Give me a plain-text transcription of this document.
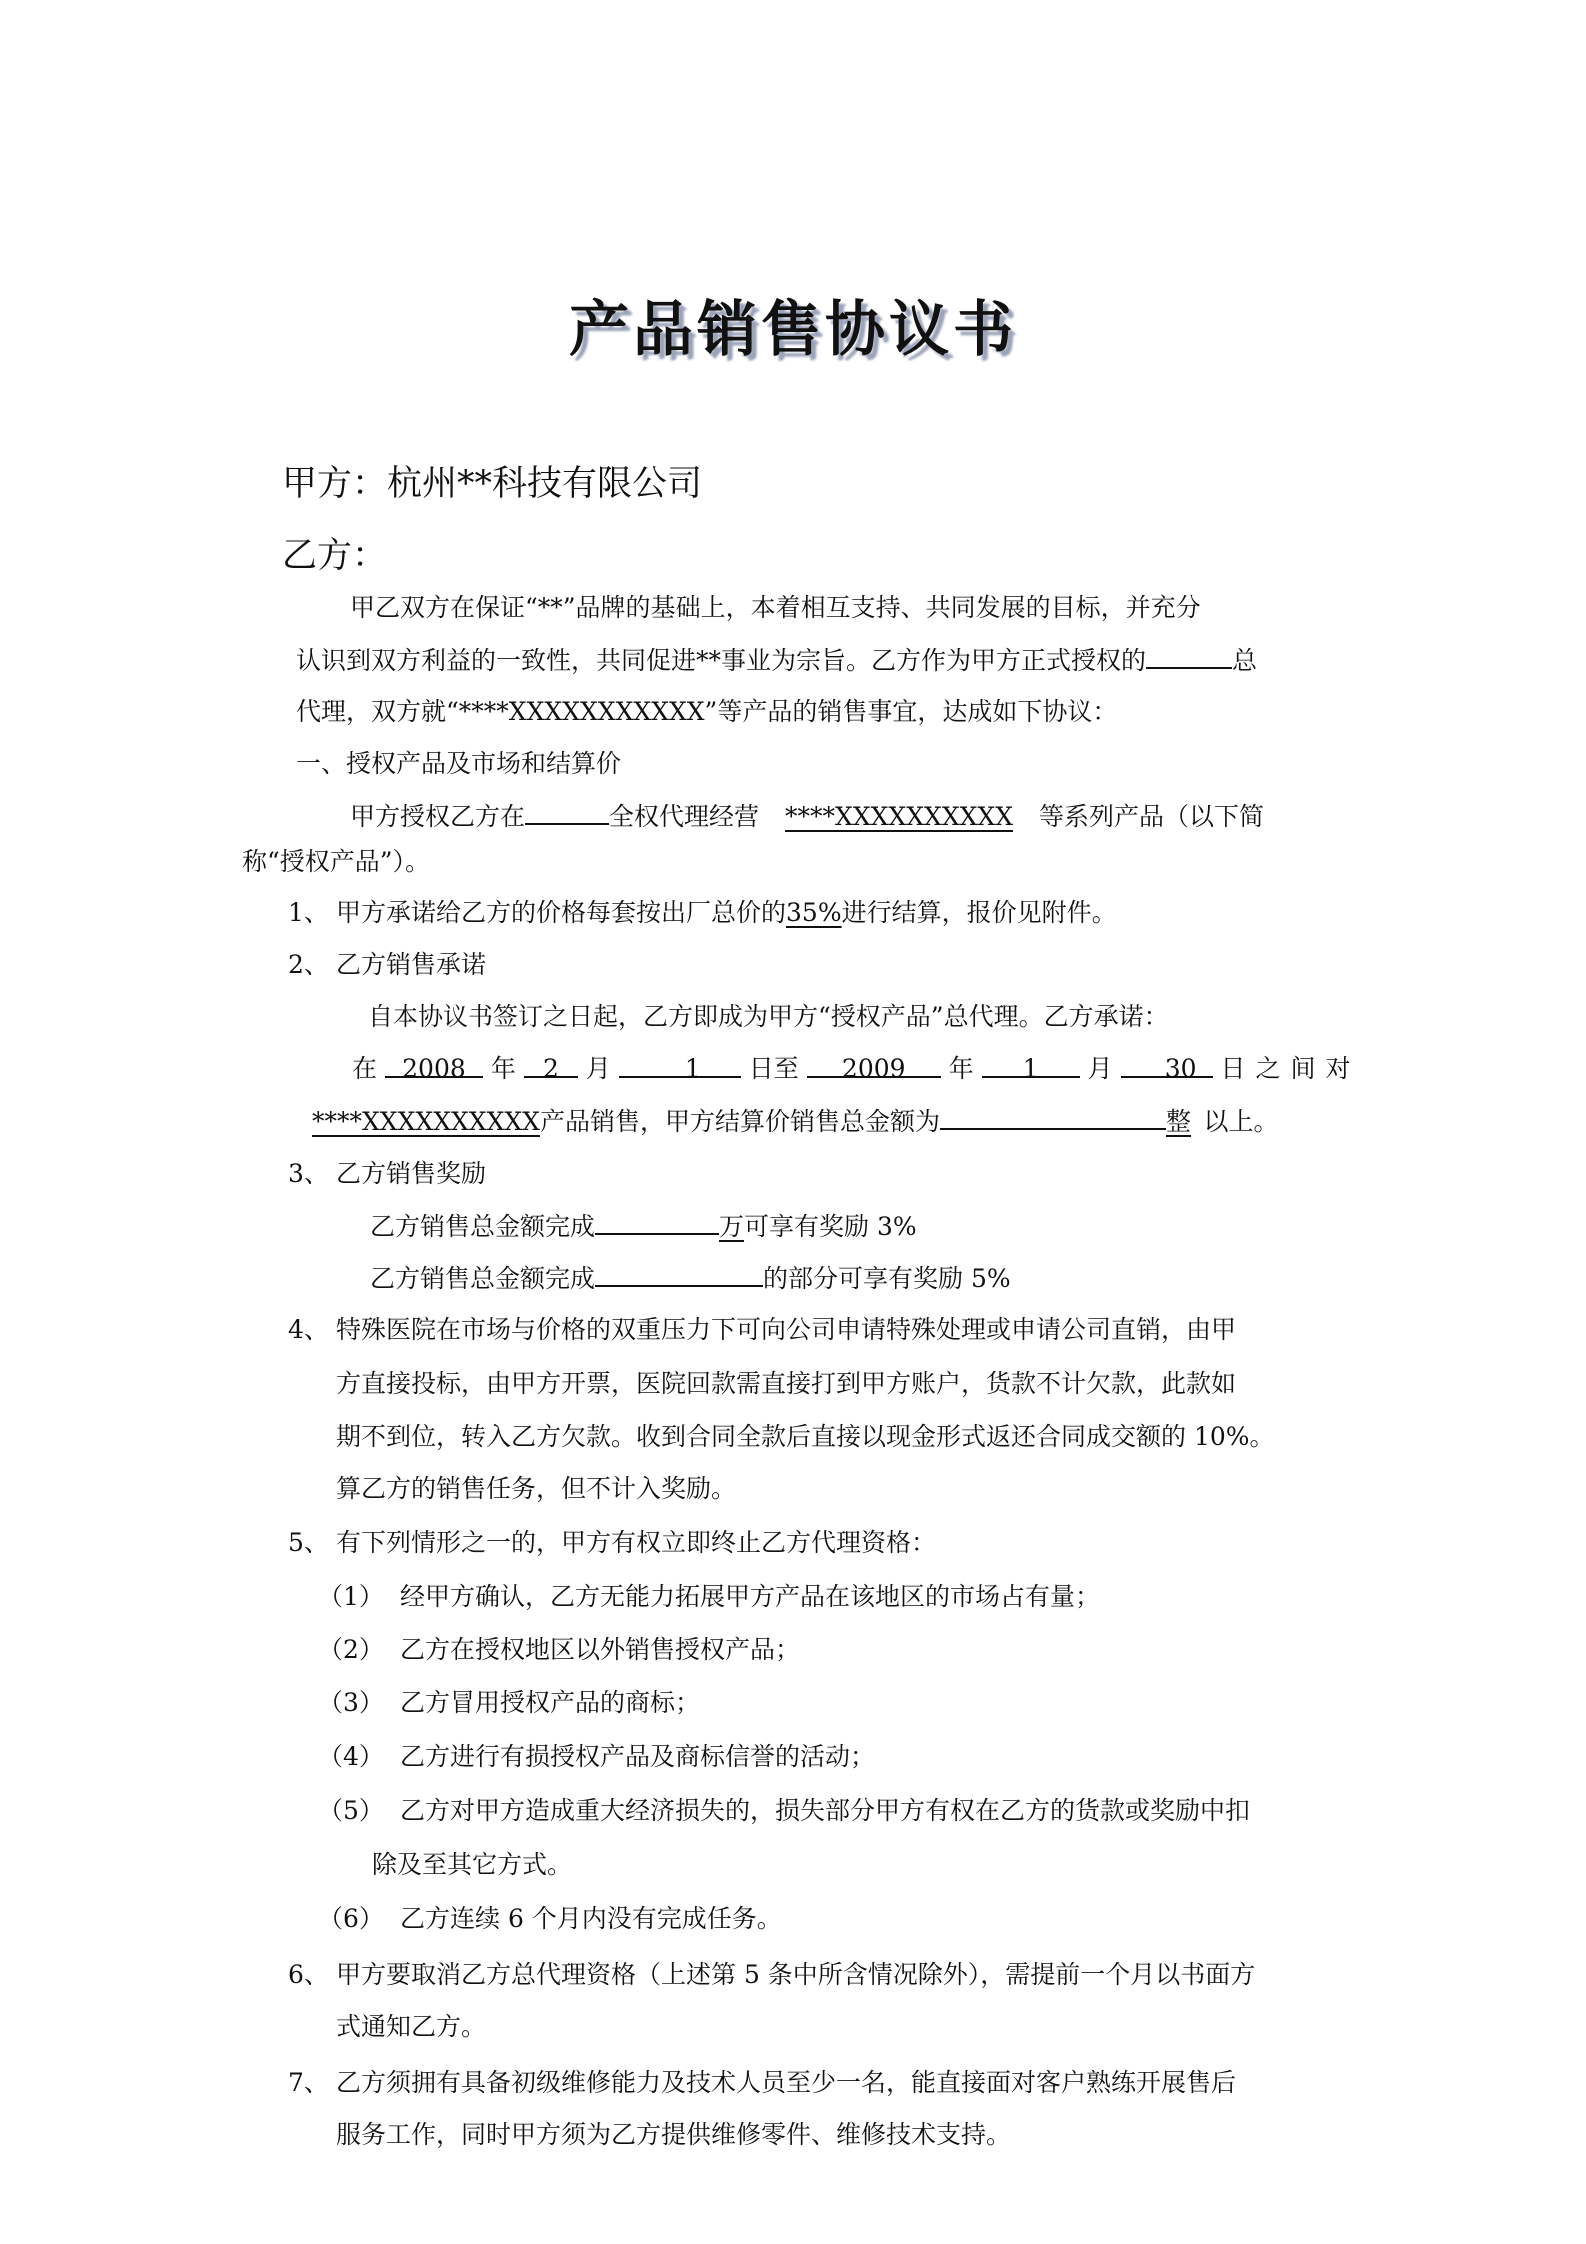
产品销售协议书
甲方：杭州**科技有限公司
乙方：
甲乙双方在保证“**”品牌的基础上，本着相互支持、共同发展的目标，并充分
认识到双方利益的一致性，共同促进**事业为宗旨。乙方作为甲方正式授权的	总
代理，双方就“****XXXXXXXXXXX”等产品的销售事宜，达成如下协议：
一、授权产品及市场和结算价
甲方授权乙方在	全权代理经营 ****XXXXXXXXXX 等系列产品（以下简
称“授权产品”）。
1、 甲方承诺给乙方的价格每套按出厂总价的35%进行结算，报价见附件。
2、 乙方销售承诺
自本协议书签订之日起，乙方即成为甲方“授权产品”总代理。乙方承诺：
在 2008 年 2 月	1 日至 2009 年 1 月 30 日之间对
****XXXXXXXXXX产品销售，甲方结算价销售总金额为	整  以上。
3、 乙方销售奖励
乙方销售总金额完成	万可享有奖励 3%
乙方销售总金额完成	的部分可享有奖励 5%
4、 特殊医院在市场与价格的双重压力下可向公司申请特殊处理或申请公司直销，由甲
方直接投标，由甲方开票，医院回款需直接打到甲方账户，货款不计欠款，此款如
期不到位，转入乙方欠款。收到合同全款后直接以现金形式返还合同成交额的 10%。
算乙方的销售任务，但不计入奖励。
5、 有下列情形之一的，甲方有权立即终止乙方代理资格：
（1） 经甲方确认，乙方无能力拓展甲方产品在该地区的市场占有量；
（2） 乙方在授权地区以外销售授权产品；
（3） 乙方冒用授权产品的商标；
（4） 乙方进行有损授权产品及商标信誉的活动；
（5） 乙方对甲方造成重大经济损失的，损失部分甲方有权在乙方的货款或奖励中扣
除及至其它方式。
（6） 乙方连续 6 个月内没有完成任务。
6、 甲方要取消乙方总代理资格（上述第 5 条中所含情况除外），需提前一个月以书面方
式通知乙方。
7、 乙方须拥有具备初级维修能力及技术人员至少一名，能直接面对客户熟练开展售后
服务工作，同时甲方须为乙方提供维修零件、维修技术支持。
